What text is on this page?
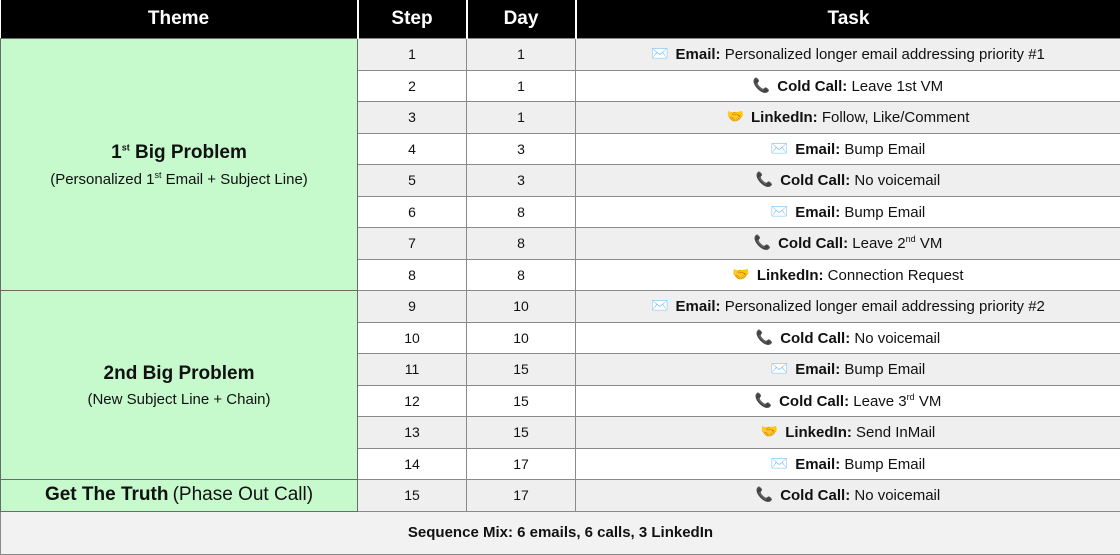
Theme	Step	Day	Task

1st Big Problem
(Personalized 1st Email + Subject Line)	1	1	✉️ Email: Personalized longer email addressing priority #1
	2	1	📞 Cold Call: Leave 1st VM
	3	1	🤝 LinkedIn: Follow, Like/Comment
	4	3	✉️ Email: Bump Email
	5	3	📞 Cold Call: No voicemail
	6	8	✉️ Email: Bump Email
	7	8	📞 Cold Call: Leave 2nd VM
	8	8	🤝 LinkedIn: Connection Request

2nd Big Problem
(New Subject Line + Chain)	9	10	✉️ Email: Personalized longer email addressing priority #2
	10	10	📞 Cold Call: No voicemail
	11	15	✉️ Email: Bump Email
	12	15	📞 Cold Call: Leave 3rd VM
	13	15	🤝 LinkedIn: Send InMail
	14	17	✉️ Email: Bump Email
Get The Truth (Phase Out Call)	15	17	📞 Cold Call: No voicemail
Sequence Mix: 6 emails, 6 calls, 3 LinkedIn			
